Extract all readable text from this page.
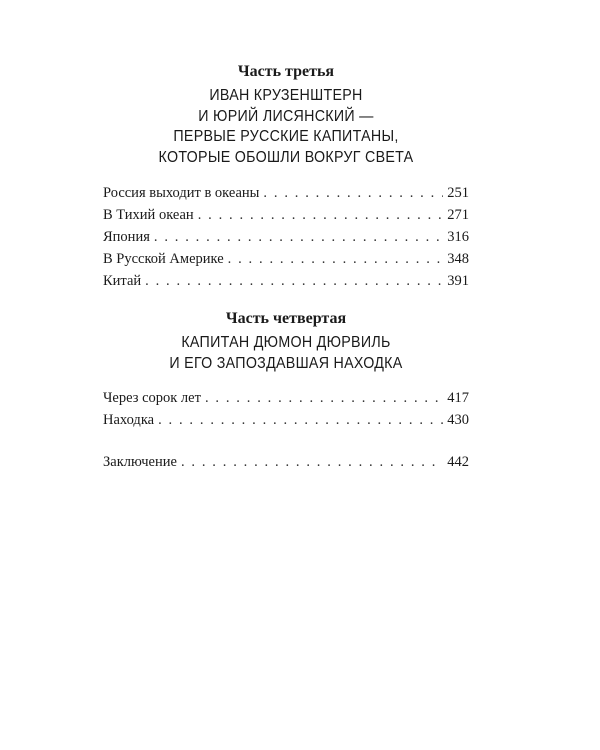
Часть третья

ИВАН КРУЗЕНШТЕРН
И ЮРИЙ ЛИСЯНСКИЙ —
ПЕРВЫЕ РУССКИЕ КАПИТАНЫ,
КОТОРЫЕ ОБОШЛИ ВОКРУГ СВЕТА
Россия выходит в океаны . . .	251
В Тихий океан . . .	271
Япония . . .	316
В Русской Америке . . .	348
Китай . . .	391

Часть четвертая

КАПИТАН ДЮМОН ДЮРВИЛЬ
И ЕГО ЗАПОЗДАВШАЯ НАХОДКА
Через сорок лет . . .	417
Находка . . .	430
Заключение . . .	442
